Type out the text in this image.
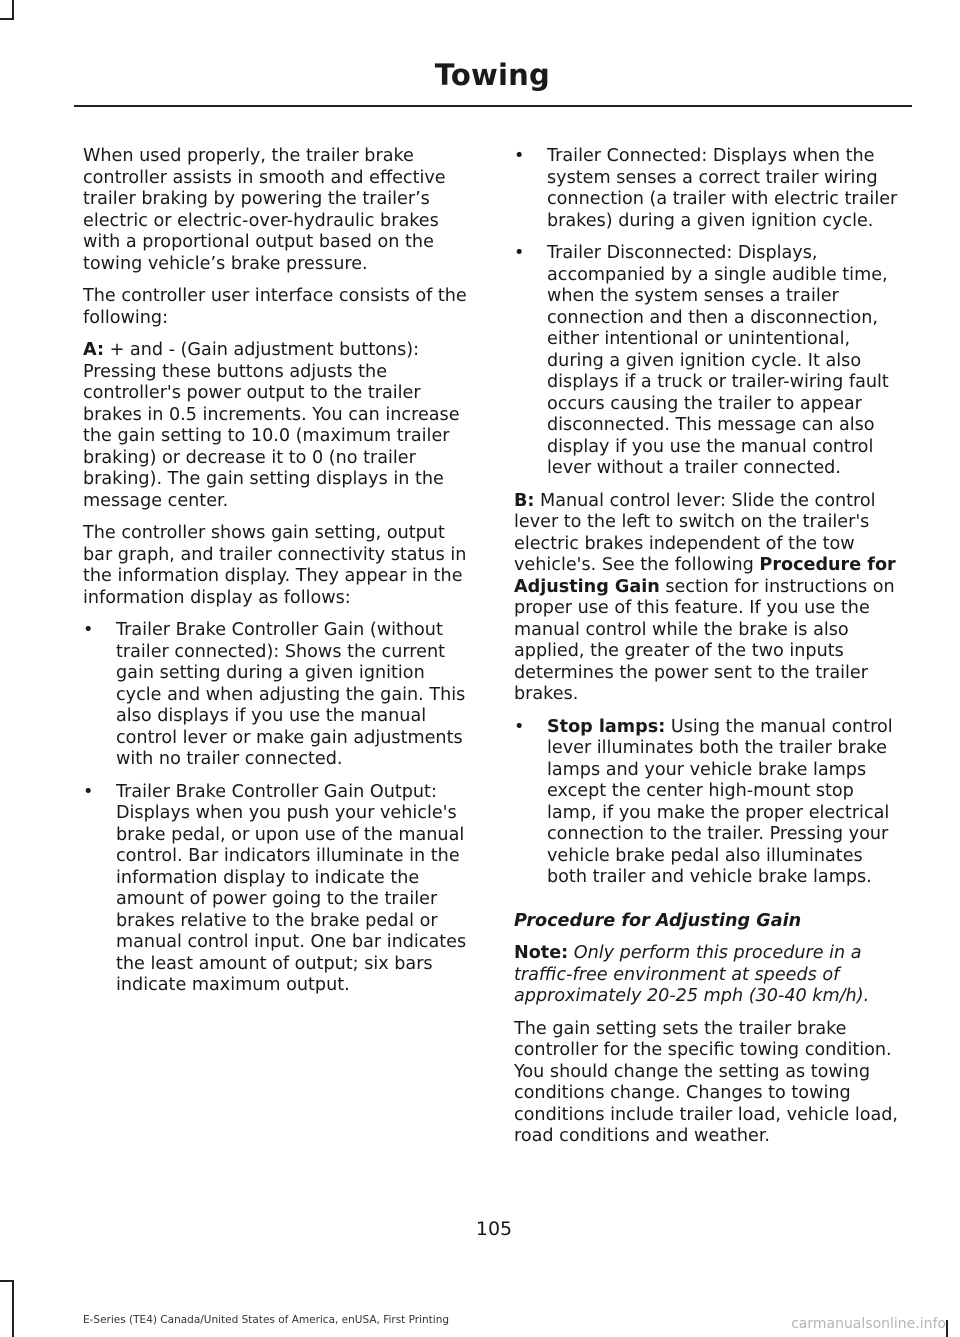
Towing

When used properly, the trailer brake controller assists in smooth and effective trailer braking by powering the trailer’s electric or electric-over-hydraulic brakes with a proportional output based on the towing vehicle’s brake pressure.

The controller user interface consists of the following:

A: + and - (Gain adjustment buttons): Pressing these buttons adjusts the controller's power output to the trailer brakes in 0.5 increments. You can increase the gain setting to 10.0 (maximum trailer braking) or decrease it to 0 (no trailer braking). The gain setting displays in the message center.

The controller shows gain setting, output bar graph, and trailer connectivity status in the information display. They appear in the information display as follows:

• Trailer Brake Controller Gain (without trailer connected): Shows the current gain setting during a given ignition cycle and when adjusting the gain. This also displays if you use the manual control lever or make gain adjustments with no trailer connected.
• Trailer Brake Controller Gain Output: Displays when you push your vehicle's brake pedal, or upon use of the manual control. Bar indicators illuminate in the information display to indicate the amount of power going to the trailer brakes relative to the brake pedal or manual control input. One bar indicates the least amount of output; six bars indicate maximum output.
• Trailer Connected: Displays when the system senses a correct trailer wiring connection (a trailer with electric trailer brakes) during a given ignition cycle.
• Trailer Disconnected: Displays, accompanied by a single audible time, when the system senses a trailer connection and then a disconnection, either intentional or unintentional, during a given ignition cycle. It also displays if a truck or trailer-wiring fault occurs causing the trailer to appear disconnected. This message can also display if you use the manual control lever without a trailer connected.

B: Manual control lever: Slide the control lever to the left to switch on the trailer's electric brakes independent of the tow vehicle's. See the following Procedure for Adjusting Gain section for instructions on proper use of this feature. If you use the manual control while the brake is also applied, the greater of the two inputs determines the power sent to the trailer brakes.

• Stop lamps: Using the manual control lever illuminates both the trailer brake lamps and your vehicle brake lamps except the center high-mount stop lamp, if you make the proper electrical connection to the trailer. Pressing your vehicle brake pedal also illuminates both trailer and vehicle brake lamps.

Procedure for Adjusting Gain

Note: Only perform this procedure in a traffic-free environment at speeds of approximately 20-25 mph (30-40 km/h).

The gain setting sets the trailer brake controller for the specific towing condition. You should change the setting as towing conditions change. Changes to towing conditions include trailer load, vehicle load, road conditions and weather.

105
E-Series (TE4) Canada/United States of America, enUSA, First Printing	carmanualsonline.info
